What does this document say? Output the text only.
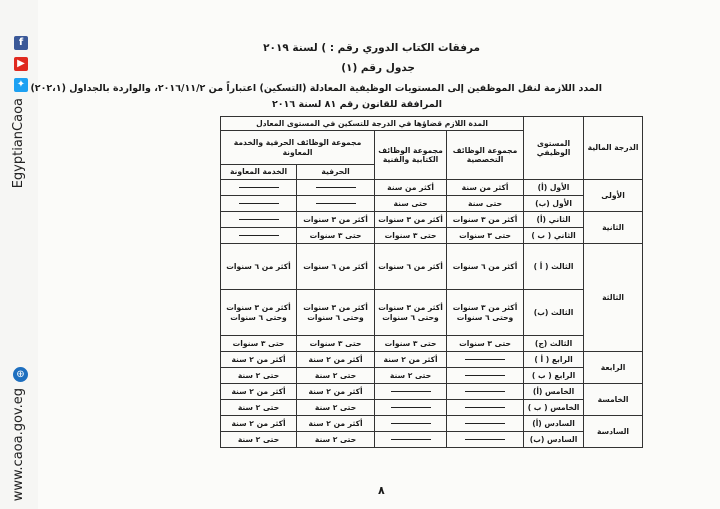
f
▶
✦
EgyptianCaoa
⊕
www.caoa.gov.eg
مرفقات الكتاب الدوري رقم : ) لسنة ٢٠١٩
جدول رقم (١)
المدد اللازمة لنقل الموظفين إلى المستويات الوظيفية المعادلة (التسكين) اعتباراً من ٢٠١٦/١١/٢، والواردة بالجداول (٢٠٢،١)
المرافقة للقانون رقم ٨١ لسنة ٢٠١٦
الدرجة المالية	المستوى الوظيفي	المدة اللازم قضاؤها في الدرجة للتسكين في المستوى المعادل			
		مجموعة الوظائف التخصصية	مجموعة الوظائف الكتابية والفنية	مجموعة الوظائف الحرفية والخدمة المعاونة	
				الحرفية	الخدمة المعاونة
الأولى	الأول (أ)	أكثر من سنة	أكثر من سنة		
	الأول (ب)	حتى سنة	حتى سنة		
الثانية	الثاني (أ)	أكثر من ٣ سنوات	أكثر من ٣ سنوات	أكثر من ٣ سنوات	
	الثاني ( ب )	حتى ٣ سنوات	حتى ٣ سنوات	حتى ٣ سنوات	
الثالثة	الثالث ( أ )	أكثر من ٦ سنوات	أكثر من ٦ سنوات	أكثر من ٦ سنوات	أكثر من ٦ سنوات
	الثالث (ب)	أكثر من ٣ سنوات وحتى ٦ سنوات	أكثر من ٣ سنوات وحتى ٦ سنوات	أكثر من ٣ سنوات وحتى ٦ سنوات	أكثر من ٣ سنوات وحتى ٦ سنوات
	الثالث (ج)	حتى ٣ سنوات	حتى ٣ سنوات	حتى ٣ سنوات	حتى ٣ سنوات
الرابعة	الرابع ( أ )		أكثر من ٢ سنة	أكثر من ٢ سنة	أكثر من ٢ سنة
	الرابع ( ب )		حتى ٢ سنة	حتى ٢ سنة	حتى ٢ سنة
الخامسة	الخامس (أ)			أكثر من ٢ سنة	أكثر من ٢ سنة
	الخامس ( ب )			حتى ٢ سنة	حتى ٢ سنة
السادسة	السادس (أ)			أكثر من ٢ سنة	أكثر من ٢ سنة
	السادس (ب)			حتى ٢ سنة	حتى ٢ سنة
٨
